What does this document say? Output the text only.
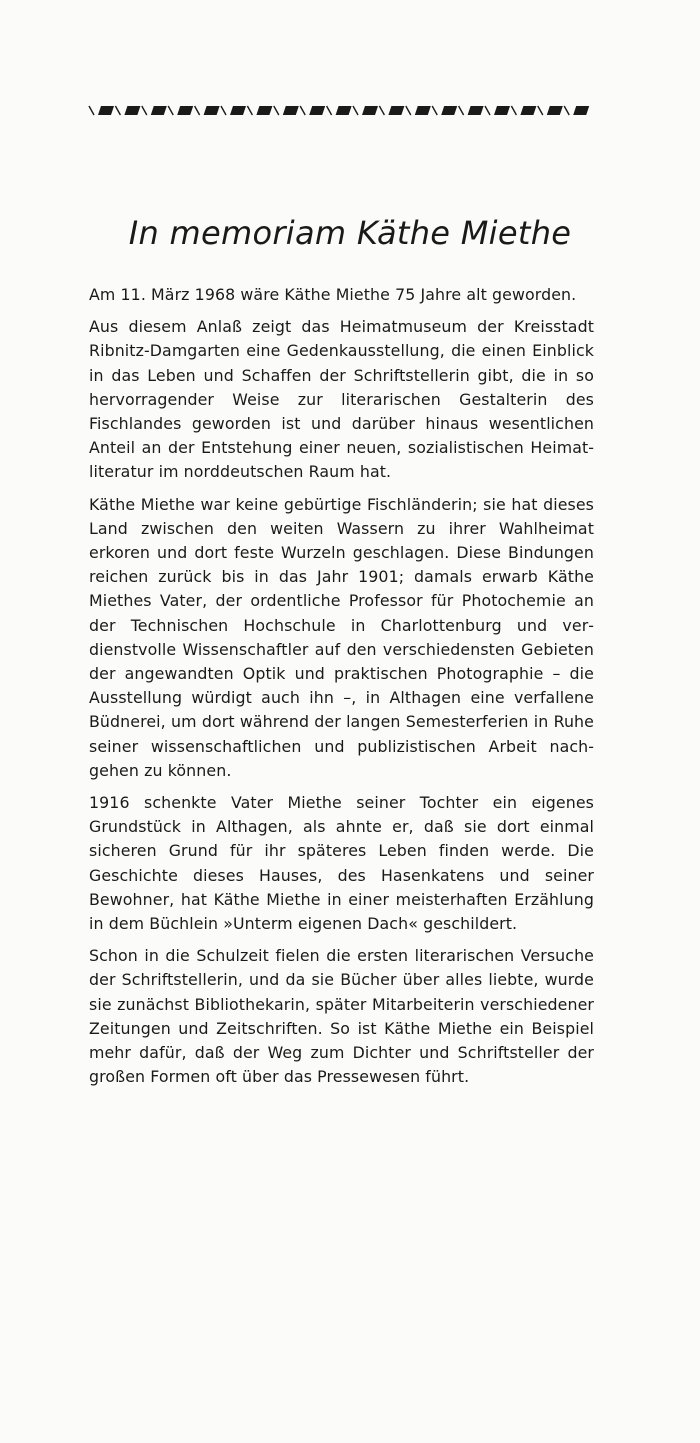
In memoriam Käthe Miethe

Am 11. März 1968 wäre Käthe Miethe 75 Jahre alt geworden.

Aus diesem Anlaß zeigt das Heimatmuseum der Kreisstadt Ribnitz-Damgarten eine Gedenkausstellung, die einen Einblick in das Leben und Schaffen der Schriftstellerin gibt, die in so hervorragender Weise zur literarischen Gestalterin des Fischlandes geworden ist und darüber hinaus wesentlichen Anteil an der Entstehung einer neuen, sozialistischen Heimatliteratur im norddeutschen Raum hat.

Käthe Miethe war keine gebürtige Fischländerin; sie hat dieses Land zwischen den weiten Wassern zu ihrer Wahlheimat erkoren und dort feste Wurzeln geschlagen. Diese Bindungen reichen zurück bis in das Jahr 1901; damals erwarb Käthe Miethes Vater, der ordentliche Professor für Photochemie an der Technischen Hochschule in Charlottenburg und verdienstvolle Wissenschaftler auf den verschiedensten Gebieten der angewandten Optik und praktischen Photographie – die Ausstellung würdigt auch ihn –, in Althagen eine verfallene Büdnerei, um dort während der langen Semesterferien in Ruhe seiner wissenschaftlichen und publizistischen Arbeit nachgehen zu können.

1916 schenkte Vater Miethe seiner Tochter ein eigenes Grundstück in Althagen, als ahnte er, daß sie dort einmal sicheren Grund für ihr späteres Leben finden werde. Die Geschichte dieses Hauses, des Hasenkatens und seiner Bewohner, hat Käthe Miethe in einer meisterhaften Erzählung in dem Büchlein »Unterm eigenen Dach« geschildert.

Schon in die Schulzeit fielen die ersten literarischen Versuche der Schriftstellerin, und da sie Bücher über alles liebte, wurde sie zunächst Bibliothekarin, später Mitarbeiterin verschiedener Zeitungen und Zeitschriften. So ist Käthe Miethe ein Beispiel mehr dafür, daß der Weg zum Dichter und Schriftsteller der großen Formen oft über das Pressewesen führt.
